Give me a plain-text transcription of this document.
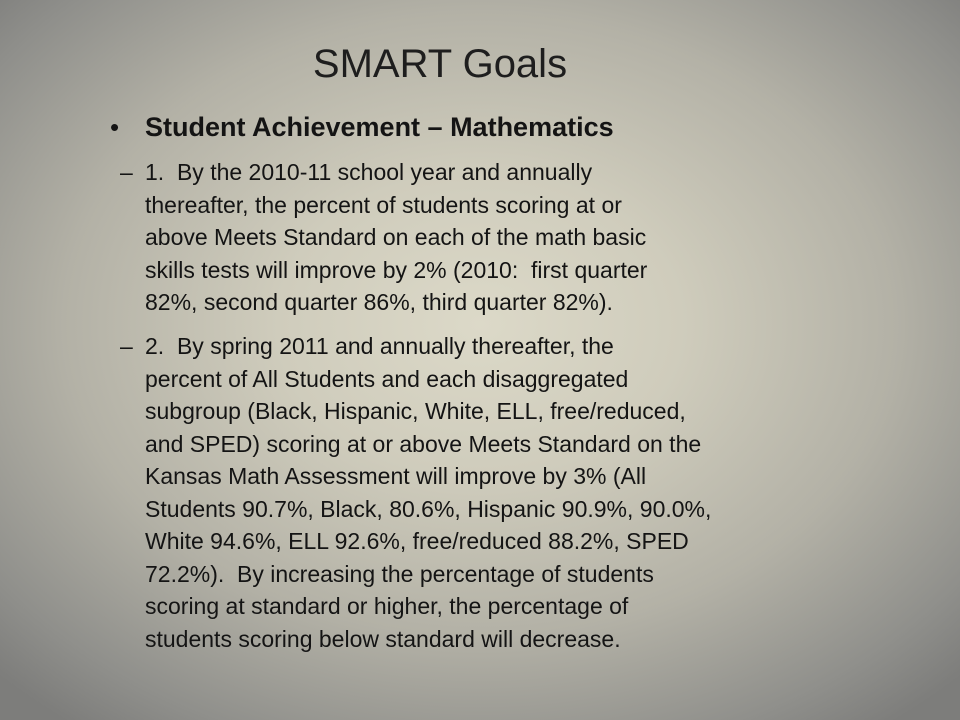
SMART Goals
• Student Achievement – Mathematics
– 1.  By the 2010-11 school year and annually
thereafter, the percent of students scoring at or
above Meets Standard on each of the math basic
skills tests will improve by 2% (2010:  first quarter
82%, second quarter 86%, third quarter 82%).
– 2.  By spring 2011 and annually thereafter, the
percent of All Students and each disaggregated
subgroup (Black, Hispanic, White, ELL, free/reduced,
and SPED) scoring at or above Meets Standard on the
Kansas Math Assessment will improve by 3% (All
Students 90.7%, Black, 80.6%, Hispanic 90.9%, 90.0%,
White 94.6%, ELL 92.6%, free/reduced 88.2%, SPED
72.2%).  By increasing the percentage of students
scoring at standard or higher, the percentage of
students scoring below standard will decrease.
